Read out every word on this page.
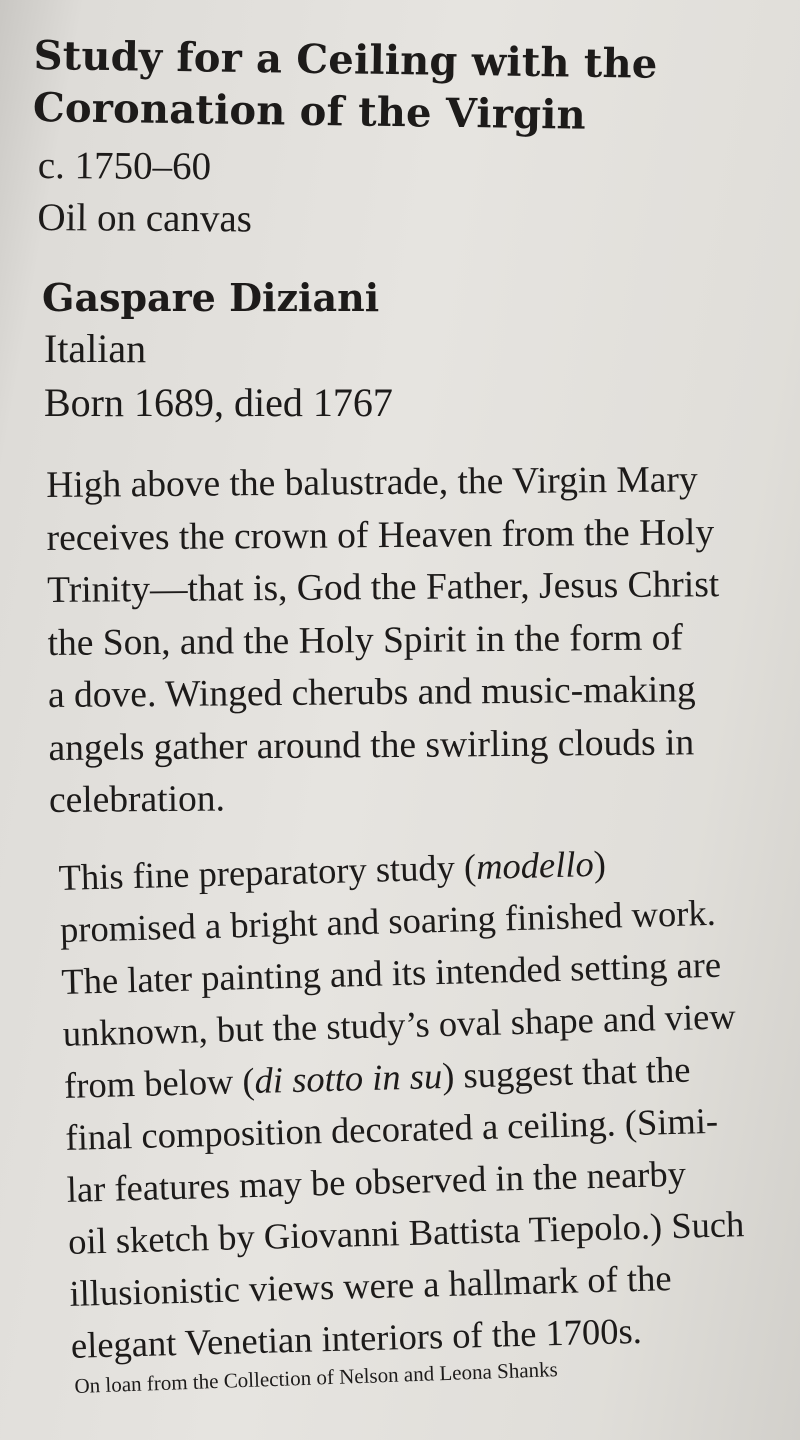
Study for a Ceiling with the
Coronation of the Virgin
c. 1750–60
Oil on canvas
Gaspare Diziani
Italian
Born 1689, died 1767
High above the balustrade, the Virgin Mary
receives the crown of Heaven from the Holy
Trinity—that is, God the Father, Jesus Christ
the Son, and the Holy Spirit in the form of
a dove. Winged cherubs and music-making
angels gather around the swirling clouds in
celebration.
This fine preparatory study (modello)
promised a bright and soaring finished work.
The later painting and its intended setting are
unknown, but the study’s oval shape and view
from below (di sotto in su) suggest that the
final composition decorated a ceiling. (Simi-
lar features may be observed in the nearby
oil sketch by Giovanni Battista Tiepolo.) Such
illusionistic views were a hallmark of the
elegant Venetian interiors of the 1700s.
On loan from the Collection of Nelson and Leona Shanks
